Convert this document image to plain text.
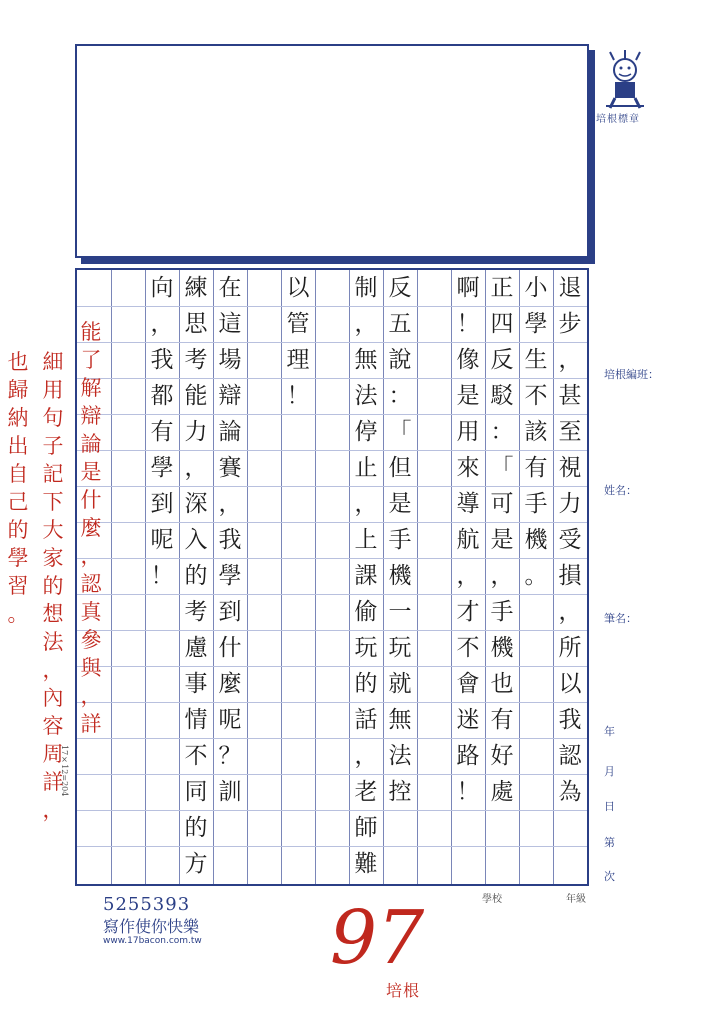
培根標章
培根編班：
姓名：
筆名：
年
月
日
第
次
退
步
，
甚
至
視
力
受
損
，
所
以
我
認
為
小
學
生
不
該
有
手
機
。
正
四
反
駁
：
「
可
是
，
手
機
也
有
好
處
啊
！
像
是
用
來
導
航
，
才
不
會
迷
路
！
反
五
說
：
「
但
是
手
機
一
玩
就
無
法
控
制
，
無
法
停
止
，
上
課
偷
玩
的
話
，
老
師
難
以
管
理
！
在
這
場
辯
論
賽
，
我
學
到
什
麼
呢
？
訓
練
思
考
能
力
，
深
入
的
考
慮
事
情
不
同
的
方
向
，
我
都
有
學
到
呢
！
17×12=204
學校	年級
5255393
寫作使你快樂
www.17bacon.com.tw
能
了
解
辯
論
是
什
麼
，
認
真
參
與
，
詳
細
用
句
子
記
下
大
家
的
想
法
，
內
容
周
詳
，
也
歸
納
出
自
己
的
學
習
。
97
培根
